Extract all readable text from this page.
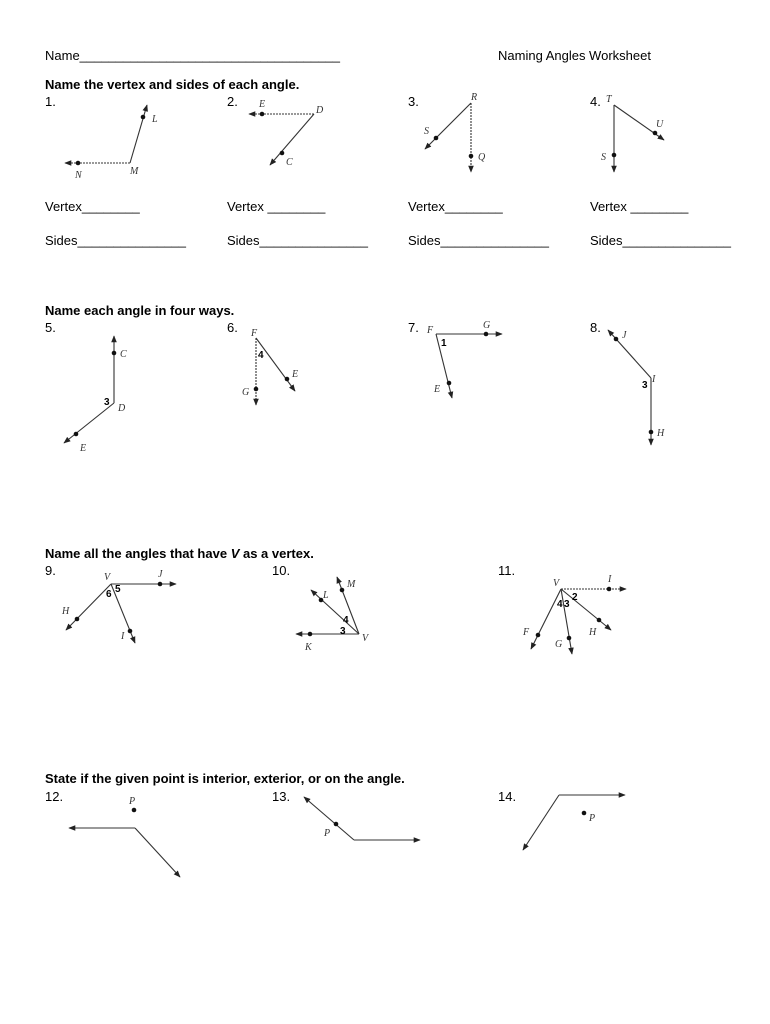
Name____________________________________	Naming Angles Worksheet
Name the vertex and sides of each angle.
1.	2.	3.	4.
Vertex________	Vertex ________	Vertex________	Vertex ________
Sides_______________	Sides_______________	Sides_______________	Sides_______________
Name each angle in four ways.
5.	6.	7.	8.
Name all the angles that have V as a vertex.
9.	10.	11.
State if the given point is interior, exterior, or on the angle.
12.	13.	14.
L
N	M
E
D
C
R
S
Q
T
U
S
C
D
E
3
F
E
G
4
F	G
E
1
J
I
H
3
V	J
H
I
6 5	M
L
K
V
4
3
V	I
F
G
H
4 3
2
P
P
P
